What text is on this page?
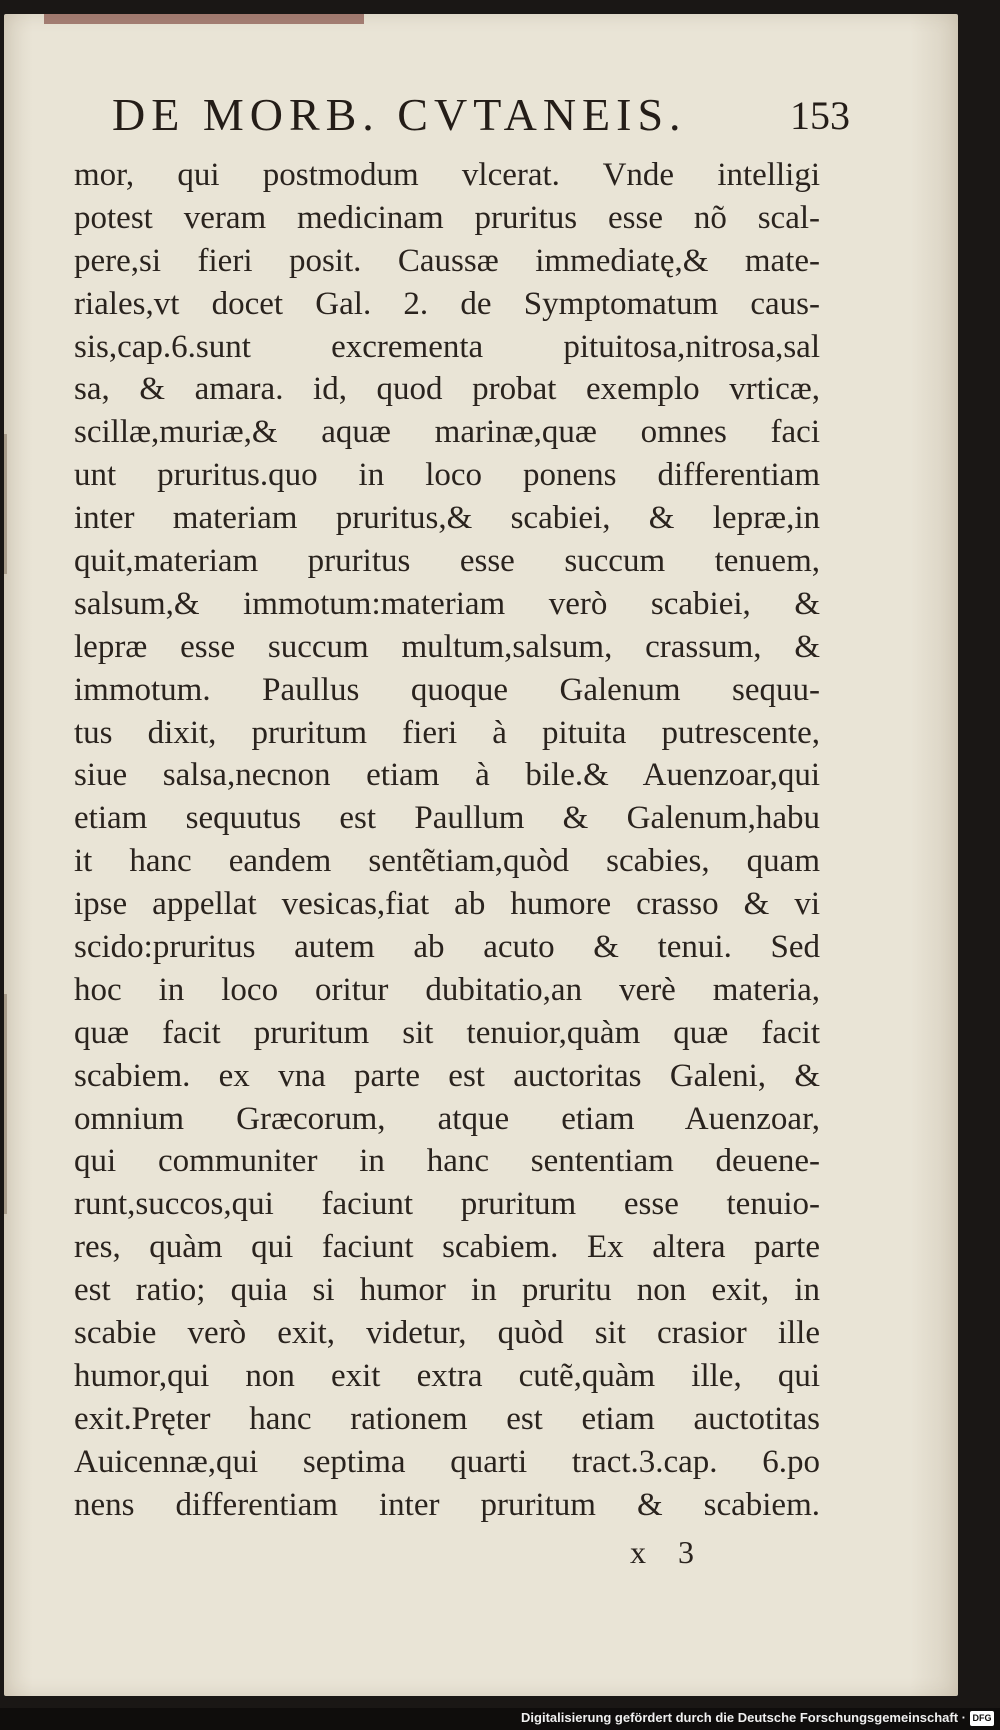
DE MORB. CVTANEIS.	153
mor, qui postmodum vlcerat. Vnde intelligi
potest veram medicinam pruritus esse nõ scal-
pere,si fieri posit. Caussæ immediatę,& mate-
riales,vt docet Gal. 2. de Symptomatum caus-
sis,cap.6.sunt excrementa pituitosa,nitrosa,sal
sa, & amara. id, quod probat exemplo vrticæ,
scillæ,muriæ,& aquæ marinæ,quæ omnes faci
unt pruritus.quo in loco ponens differentiam
inter materiam pruritus,& scabiei, & lepræ,in
quit,materiam pruritus esse succum tenuem,
salsum,& immotum:materiam verò scabiei, &
lepræ esse succum multum,salsum, crassum, &
immotum. Paullus quoque Galenum sequu-
tus dixit, pruritum fieri à pituita putrescente,
siue salsa,necnon etiam à bile.& Auenzoar,qui
etiam sequutus est Paullum & Galenum,habu
it hanc eandem sentẽtiam,quòd scabies, quam
ipse appellat vesicas,fiat ab humore crasso & vi
scido:pruritus autem ab acuto & tenui. Sed
hoc in loco oritur dubitatio,an verè materia,
quæ facit pruritum sit tenuior,quàm quæ facit
scabiem. ex vna parte est auctoritas Galeni, &
omnium Græcorum, atque etiam Auenzoar,
qui communiter in hanc sententiam deuene-
runt,succos,qui faciunt pruritum esse tenuio-
res, quàm qui faciunt scabiem. Ex altera parte
est ratio; quia si humor in pruritu non exit, in
scabie verò exit, videtur, quòd sit crasior ille
humor,qui non exit extra cutẽ,quàm ille, qui
exit.Pręter hanc rationem est etiam auctotitas
Auicennæ,qui septima quarti tract.3.cap. 6.po
nens differentiam inter pruritum & scabiem.
x 3
Digitalisierung gefördert durch die Deutsche Forschungsgemeinschaft · DFG
